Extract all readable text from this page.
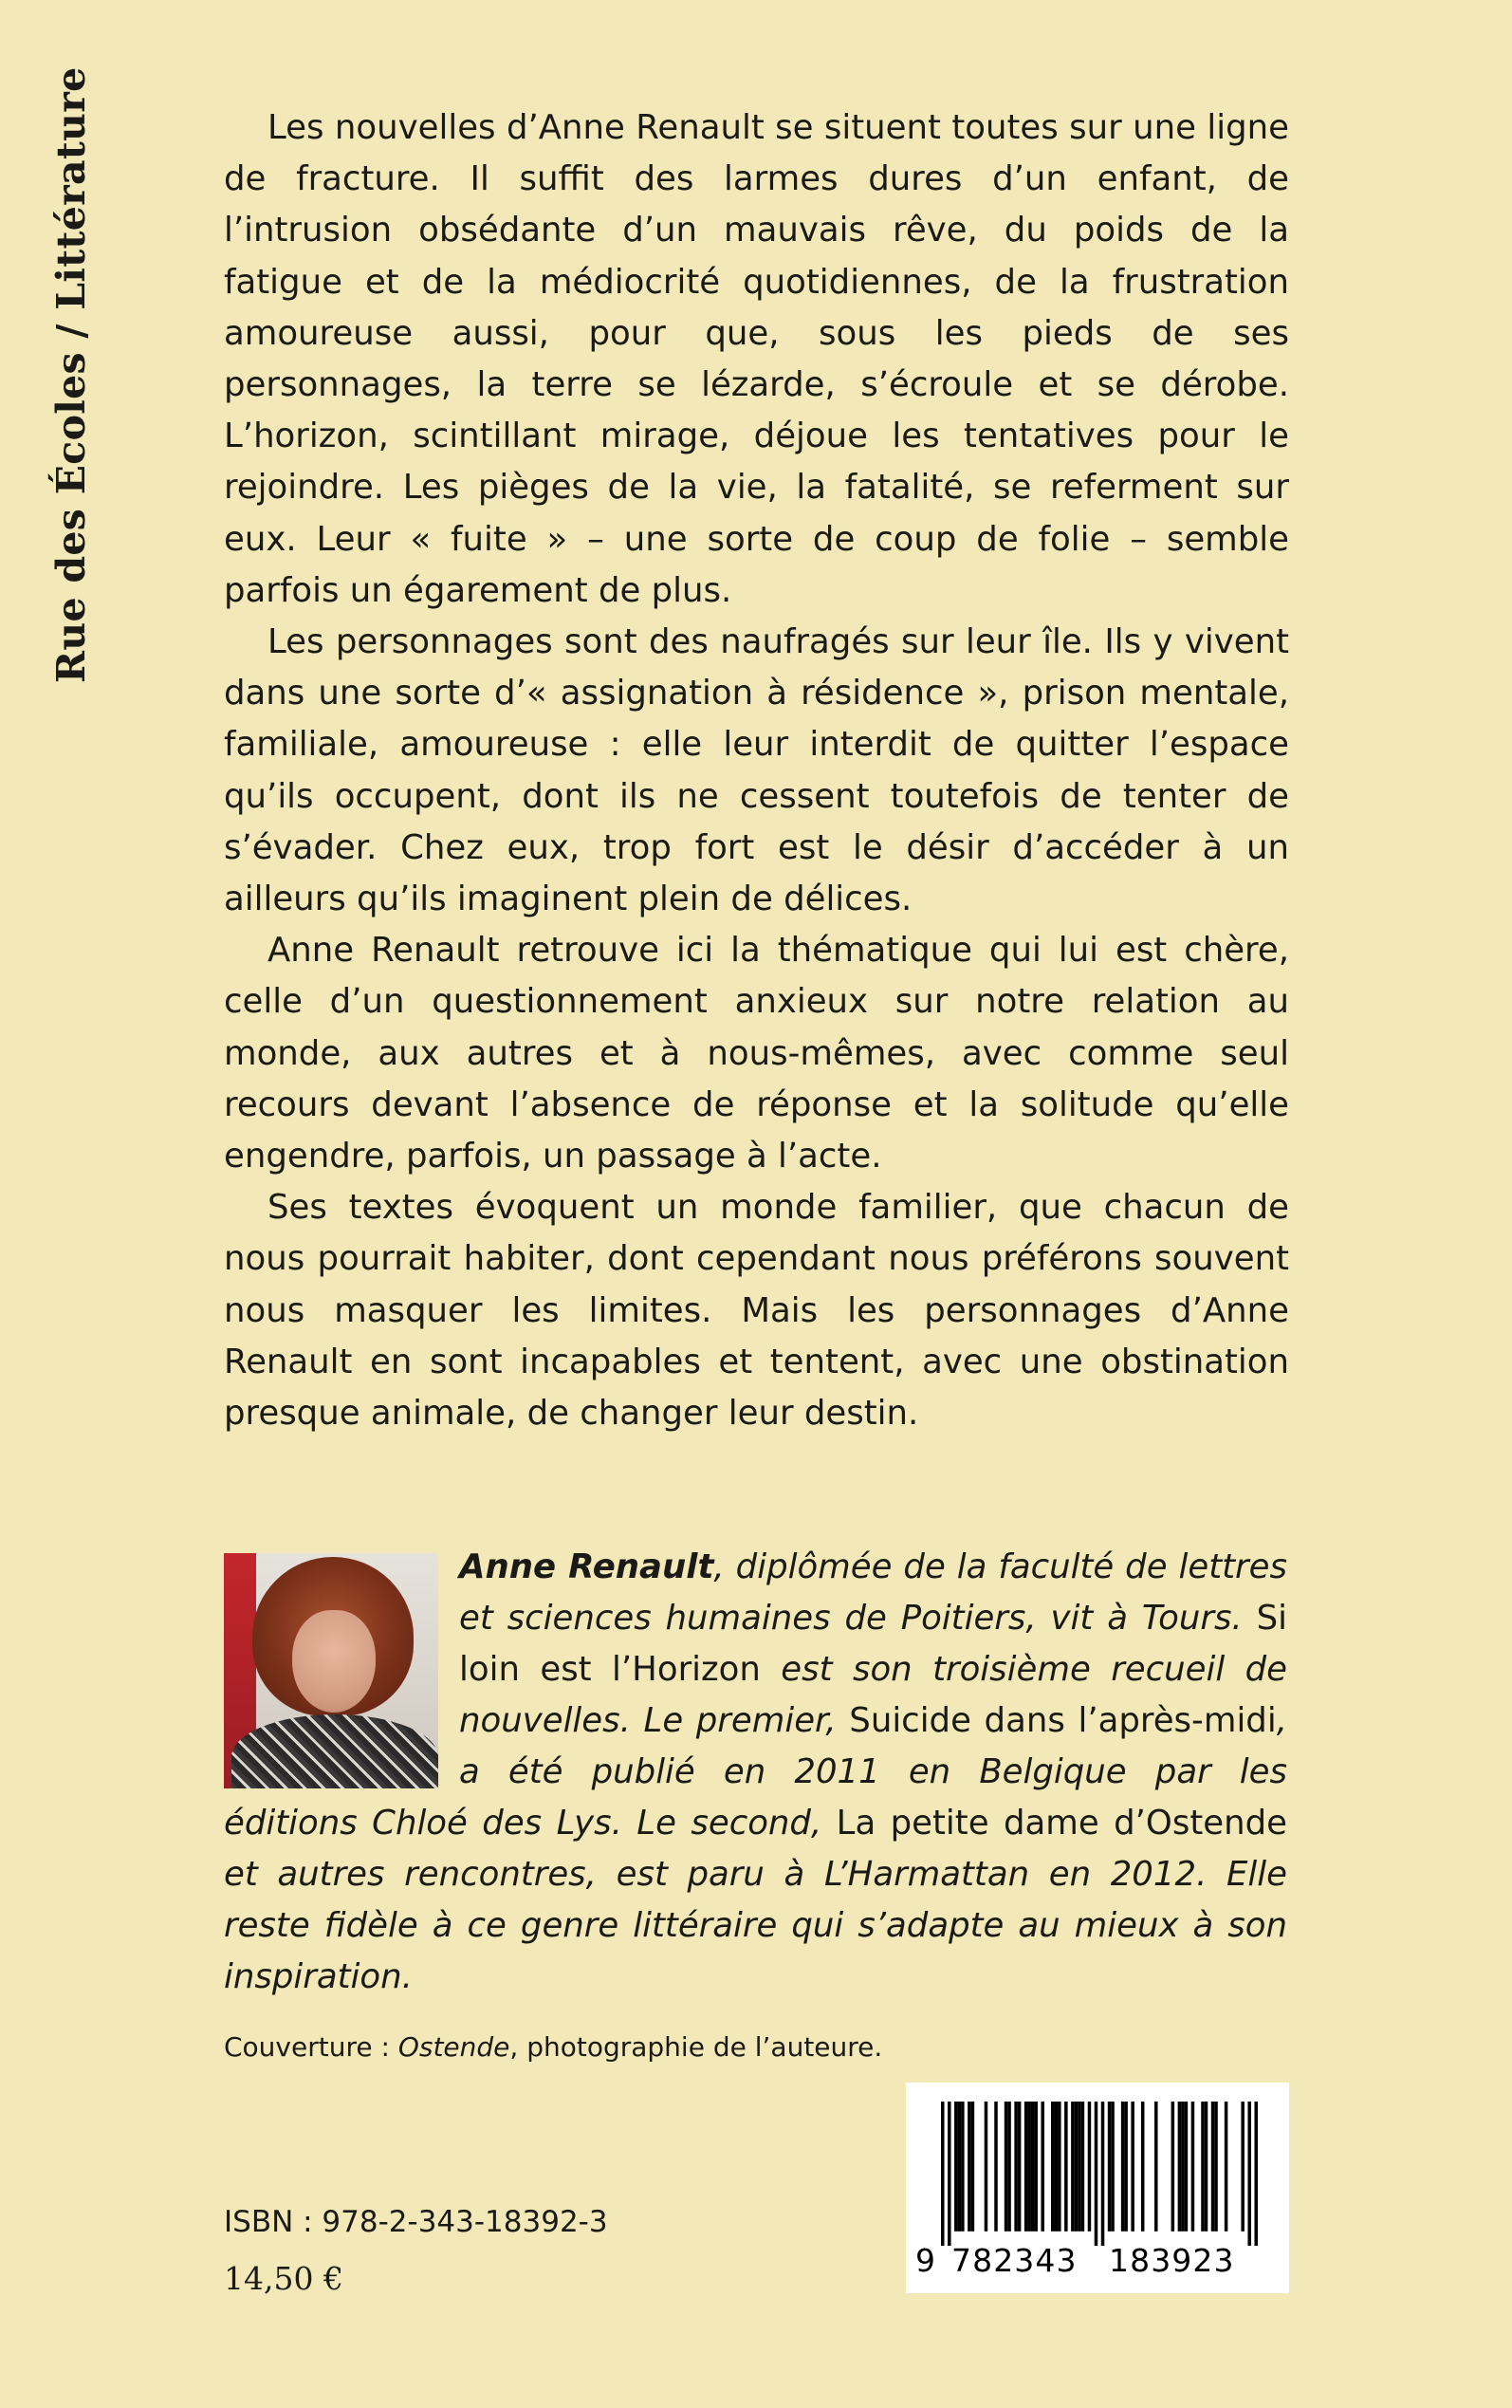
Rue des Écoles / Littérature	Les nouvelles d’Anne Renault se situent toutes sur une ligne de fracture. Il suffit des larmes dures d’un enfant, de l’intrusion obsédante d’un mauvais rêve, du poids de la fatigue et de la médiocrité quotidiennes, de la frustration amoureuse aussi, pour que, sous les pieds de ses personnages, la terre se lézarde, s’écroule et se dérobe. L’horizon, scintillant mirage, déjoue les tentatives pour le rejoindre. Les pièges de la vie, la fatalité, se referment sur eux. Leur « fuite » – une sorte de coup de folie – semble parfois un égarement de plus.

Les personnages sont des naufragés sur leur île. Ils y vivent dans une sorte d’« assignation à résidence », prison mentale, familiale, amoureuse : elle leur interdit de quitter l’espace qu’ils occupent, dont ils ne cessent toutefois de tenter de s’évader. Chez eux, trop fort est le désir d’accéder à un ailleurs qu’ils imaginent plein de délices.

Anne Renault retrouve ici la thématique qui lui est chère, celle d’un questionnement anxieux sur notre relation au monde, aux autres et à nous-mêmes, avec comme seul recours devant l’absence de réponse et la solitude qu’elle engendre, parfois, un passage à l’acte.

Ses textes évoquent un monde familier, que chacun de nous pourrait habiter, dont cependant nous préférons souvent nous masquer les limites. Mais les personnages d’Anne Renault en sont incapables et tentent, avec une obstination presque animale, de changer leur destin.

Anne Renault, diplômée de la faculté de lettres et sciences humaines de Poitiers, vit à Tours. Si loin est l’Horizon est son troisième recueil de nouvelles. Le premier, Suicide dans l’après-midi, a été publié en 2011 en Belgique par les éditions Chloé des Lys. Le second, La petite dame d’Ostende et autres rencontres, est paru à L’Harmattan en 2012. Elle reste fidèle à ce genre littéraire qui s’adapte au mieux à son inspiration.
Couverture : Ostende, photographie de l’auteure.
ISBN : 978-2-343-18392-3
14,50 €	9 782343 183923
